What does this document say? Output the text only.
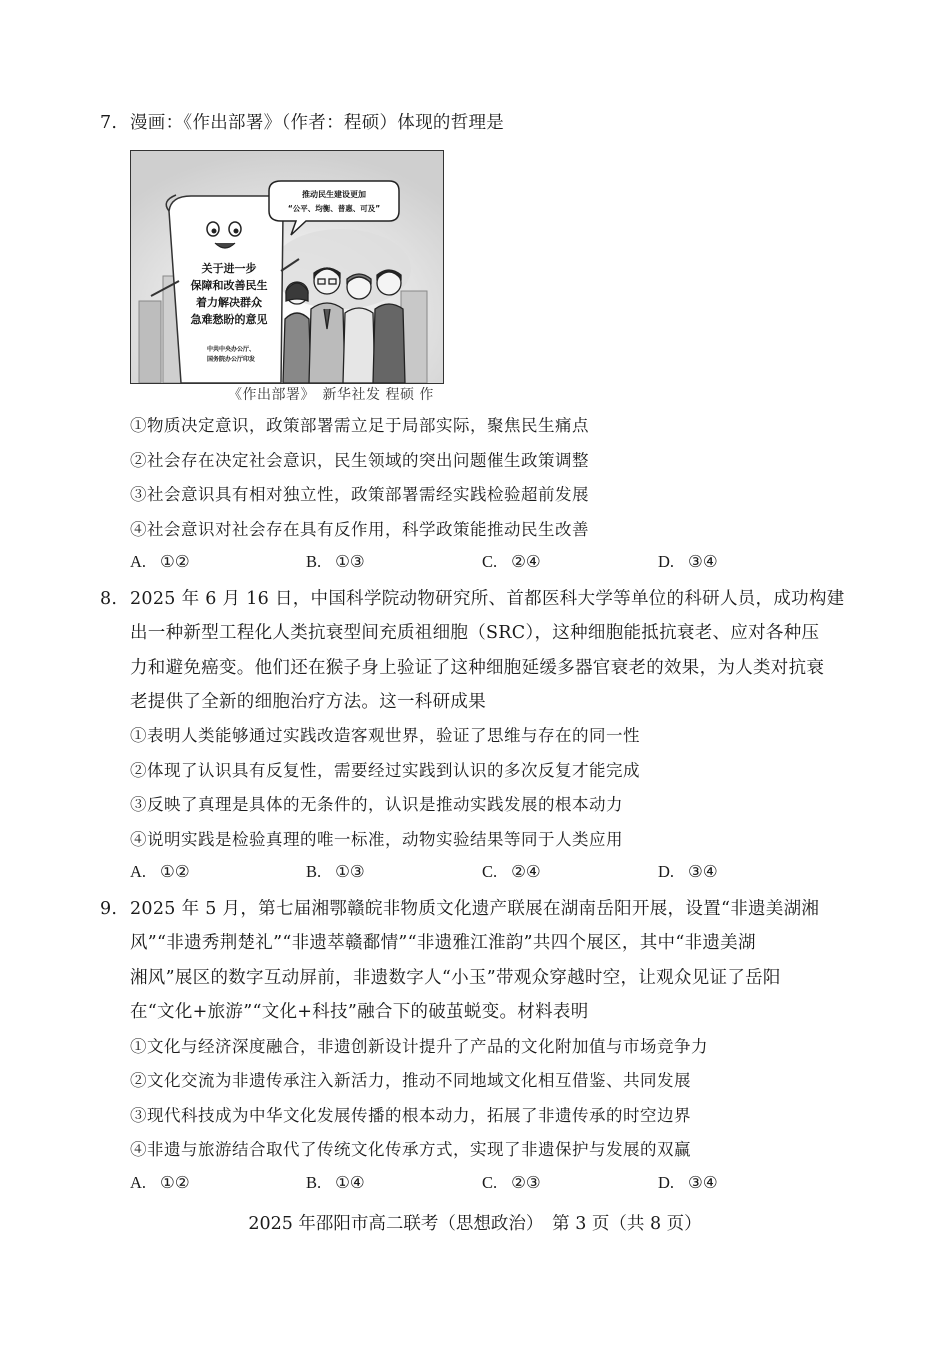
7. 漫画：《作出部署》（作者：程硕）体现的哲理是
关于进一步
保障和改善民生
着力解决群众
急难愁盼的意见
中共中央办公厅、
国务院办公厅印发
推动民生建设更加
“公平、均衡、普惠、可及”
《作出部署》　新华社发 程硕 作
①物质决定意识，政策部署需立足于局部实际，聚焦民生痛点
②社会存在决定社会意识，民生领域的突出问题催生政策调整
③社会意识具有相对独立性，政策部署需经实践检验超前发展
④社会意识对社会存在具有反作用，科学政策能推动民生改善
A. ①②	B. ①③	C. ②④	D. ③④
8. 2025 年 6 月 16 日，中国科学院动物研究所、首都医科大学等单位的科研人员，成功构建
出一种新型工程化人类抗衰型间充质祖细胞（SRC），这种细胞能抵抗衰老、应对各种压
力和避免癌变。他们还在猴子身上验证了这种细胞延缓多器官衰老的效果，为人类对抗衰
老提供了全新的细胞治疗方法。这一科研成果
①表明人类能够通过实践改造客观世界，验证了思维与存在的同一性
②体现了认识具有反复性，需要经过实践到认识的多次反复才能完成
③反映了真理是具体的无条件的，认识是推动实践发展的根本动力
④说明实践是检验真理的唯一标准，动物实验结果等同于人类应用
A. ①②	B. ①③	C. ②④	D. ③④
9. 2025 年 5 月，第七届湘鄂赣皖非物质文化遗产联展在湖南岳阳开展，设置“非遗美湖湘
风”“非遗秀荆楚礼”“非遗萃赣鄱情”“非遗雅江淮韵”共四个展区，其中“非遗美湖
湘风”展区的数字互动屏前，非遗数字人“小玉”带观众穿越时空，让观众见证了岳阳
在“文化+旅游”“文化+科技”融合下的破茧蜕变。材料表明
①文化与经济深度融合，非遗创新设计提升了产品的文化附加值与市场竞争力
②文化交流为非遗传承注入新活力，推动不同地域文化相互借鉴、共同发展
③现代科技成为中华文化发展传播的根本动力，拓展了非遗传承的时空边界
④非遗与旅游结合取代了传统文化传承方式，实现了非遗保护与发展的双赢
A. ①②	B. ①④	C. ②③	D. ③④
2025 年邵阳市高二联考（思想政治）　第 3 页（共 8 页）
